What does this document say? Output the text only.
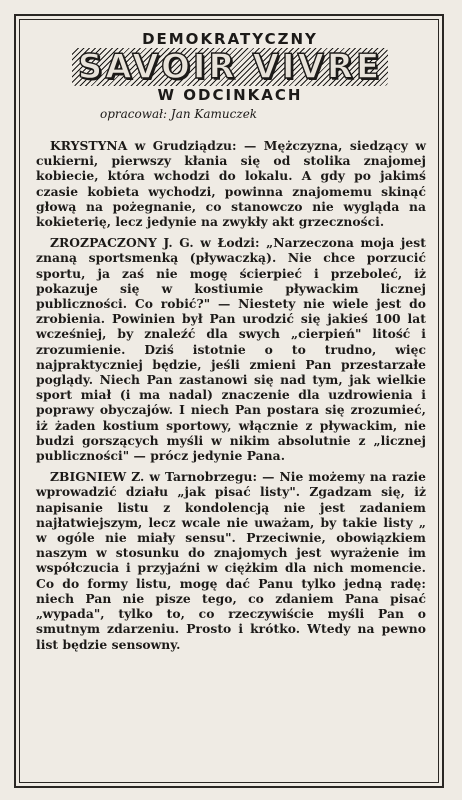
DEMOKRATYCZNY

SAVOIR VIVRE

W ODCINKACH

opracował: Jan Kamuczek

KRYSTYNA w Grudziądzu: — Mężczyzna, siedzący w cukierni, pierwszy kłania się od stolika znajomej kobiecie, która wchodzi do lokalu. A gdy po jakimś czasie kobieta wychodzi, powinna znajomemu skinąć głową na pożegnanie, co stanowczo nie wygląda na kokieterię, lecz jedynie na zwykły akt grzeczności.

ZROZPACZONY J. G. w Łodzi: „Narzeczona moja jest znaną sportsmenką (pływaczką). Nie chce porzucić sportu, ja zaś nie mogę ścierpieć i przeboleć, iż pokazuje się w kostiumie pływackim licznej publiczności. Co robić?" — Niestety nie wiele jest do zrobienia. Powinien był Pan urodzić się jakieś 100 lat wcześniej, by znaleźć dla swych „cierpień" litość i zrozumienie. Dziś istotnie o to trudno, więc najpraktyczniej będzie, jeśli zmieni Pan przestarzałe poglądy. Niech Pan zastanowi się nad tym, jak wielkie sport miał (i ma nadal) znaczenie dla uzdrowienia i poprawy obyczajów. I niech Pan postara się zrozumieć, iż żaden kostium sportowy, włącznie z pływackim, nie budzi gorszących myśli w nikim absolutnie z „licznej publiczności" — prócz jedynie Pana.

ZBIGNIEW Z. w Tarnobrzegu: — Nie możemy na razie wprowadzić działu „jak pisać listy". Zgadzam się, iż napisanie listu z kondolencją nie jest zadaniem najłatwiejszym, lecz wcale nie uważam, by takie listy „ w ogóle nie miały sensu". Przeciwnie, obowiązkiem naszym w stosunku do znajomych jest wyrażenie im współczucia i przyjaźni w ciężkim dla nich momencie. Co do formy listu, mogę dać Panu tylko jedną radę: niech Pan nie pisze tego, co zdaniem Pana pisać „wypada", tylko to, co rzeczywiście myśli Pan o smutnym zdarzeniu. Prosto i krótko. Wtedy na pewno list będzie sensowny.
